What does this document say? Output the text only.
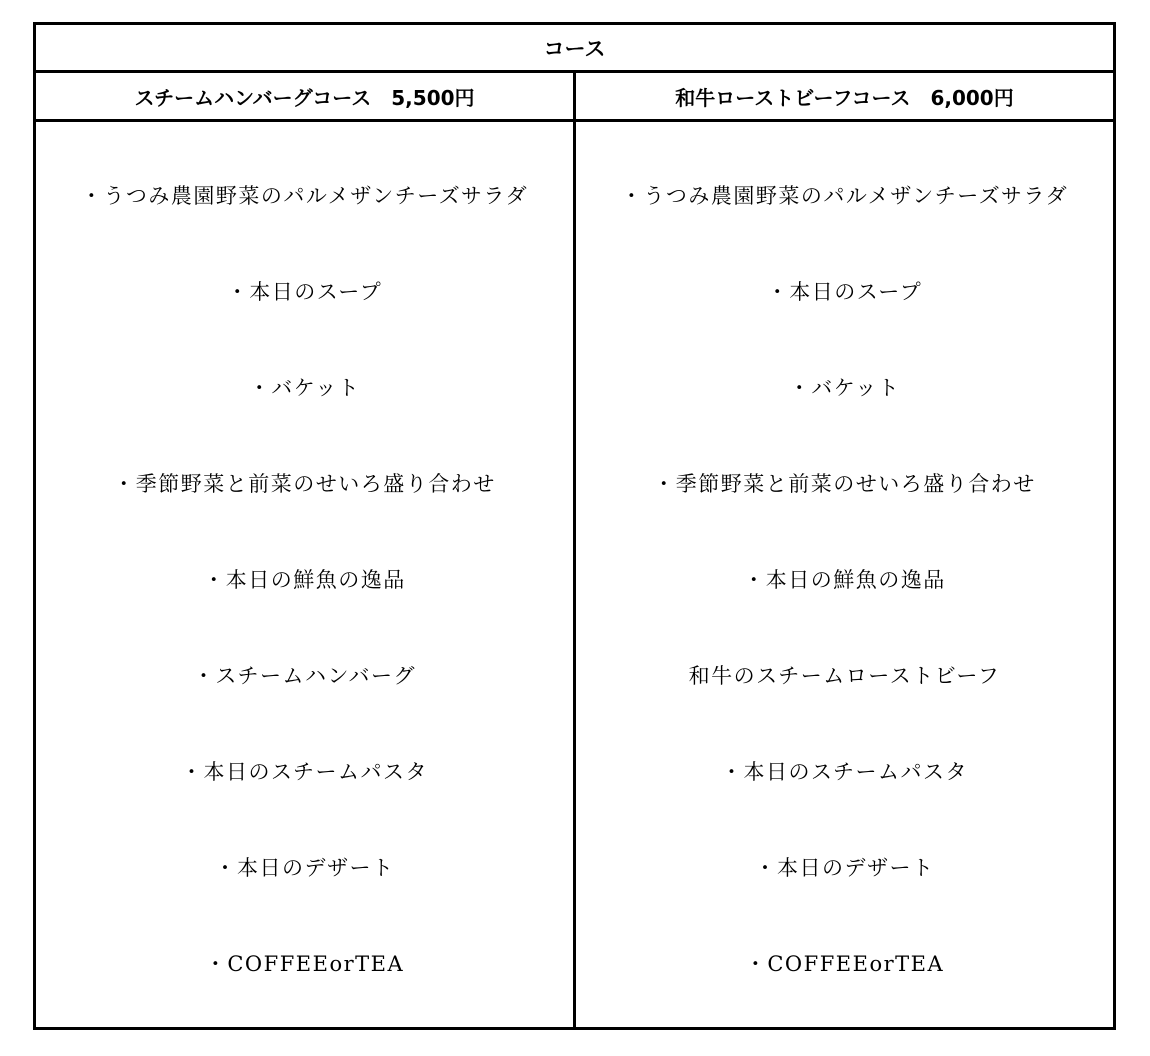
コース
スチームハンバーグコース　5,500円	和牛ローストビーフコース　6,000円
・うつみ農園野菜のパルメザンチーズサラダ
・本日のスープ
・バケット
・季節野菜と前菜のせいろ盛り合わせ
・本日の鮮魚の逸品
・スチームハンバーグ
・本日のスチームパスタ
・本日のデザート
・COFFEEorTEA
・うつみ農園野菜のパルメザンチーズサラダ
・本日のスープ
・バケット
・季節野菜と前菜のせいろ盛り合わせ
・本日の鮮魚の逸品
和牛のスチームローストビーフ
・本日のスチームパスタ
・本日のデザート
・COFFEEorTEA
